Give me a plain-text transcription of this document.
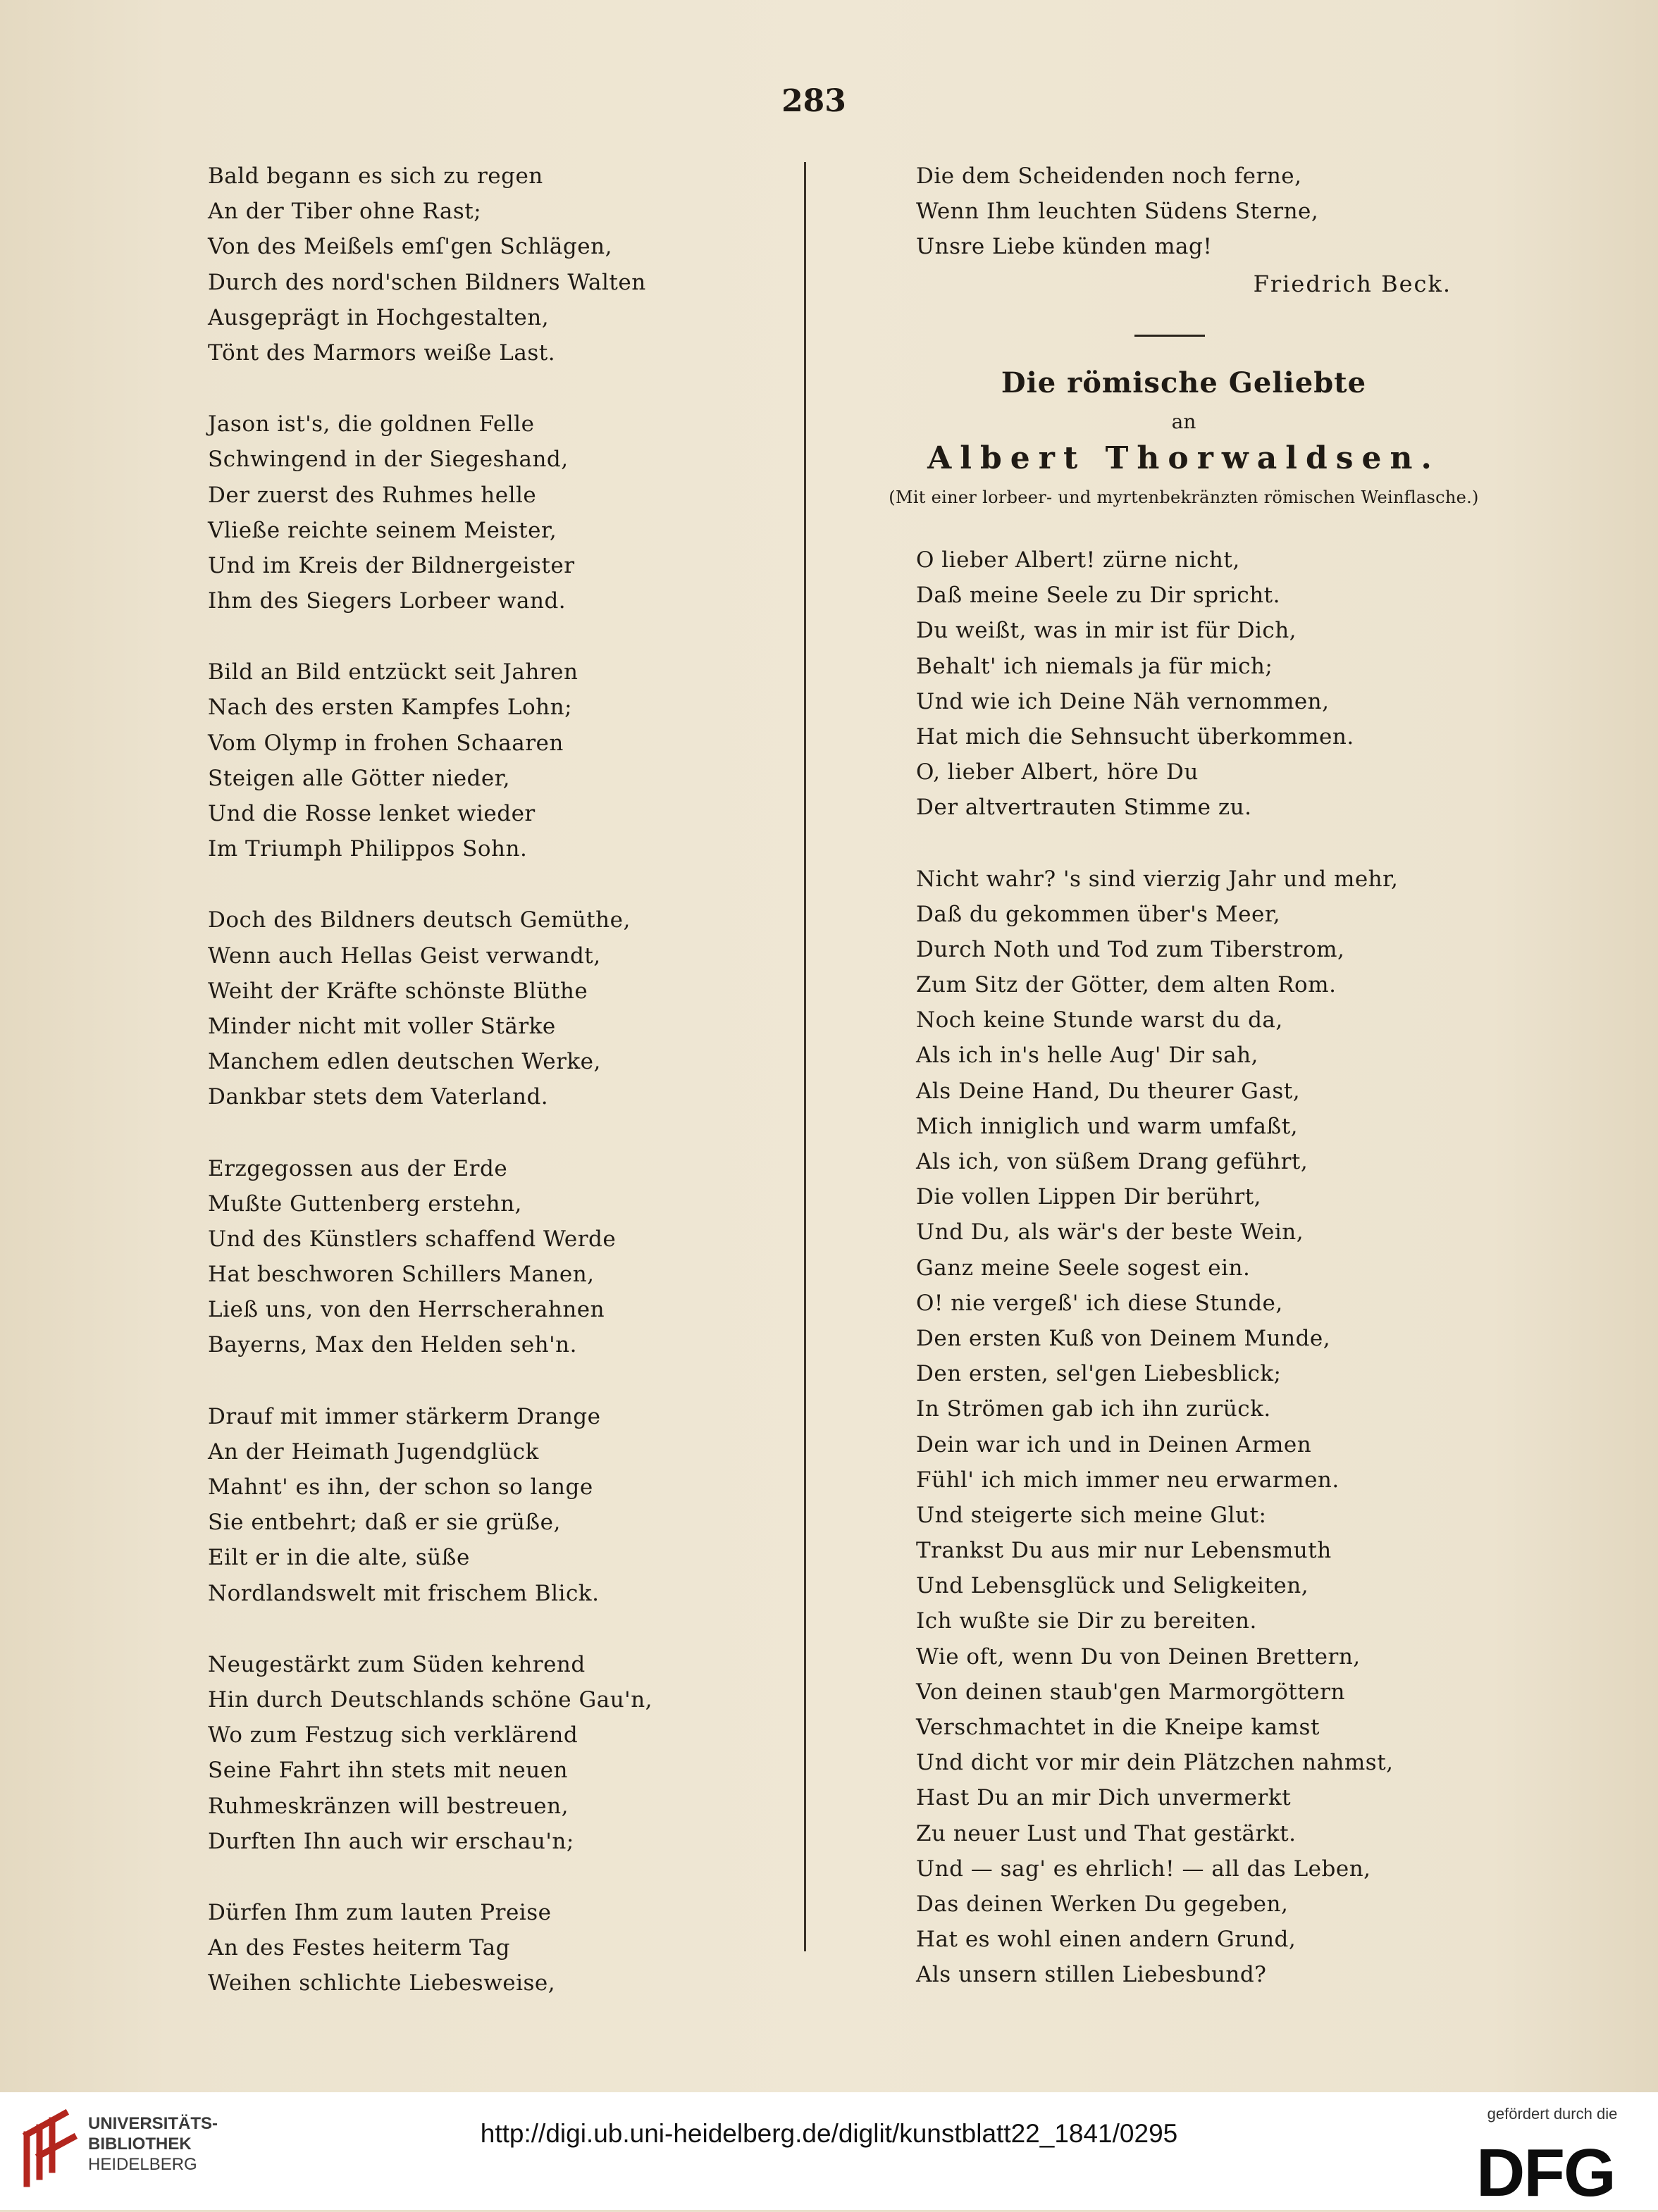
283
Bald begann es sich zu regen
An der Tiber ohne Rast;
Von des Meißels emſ'gen Schlägen,
Durch des nord'schen Bildners Walten
Ausgeprägt in Hochgestalten,
Tönt des Marmors weiße Last.
Jason ist's, die goldnen Felle
Schwingend in der Siegeshand,
Der zuerst des Ruhmes helle
Vließe reichte seinem Meister,
Und im Kreis der Bildnergeister
Ihm des Siegers Lorbeer wand.
Bild an Bild entzückt seit Jahren
Nach des ersten Kampfes Lohn;
Vom Olymp in frohen Schaaren
Steigen alle Götter nieder,
Und die Rosse lenket wieder
Im Triumph Philippos Sohn.
Doch des Bildners deutsch Gemüthe,
Wenn auch Hellas Geist verwandt,
Weiht der Kräfte schönste Blüthe
Minder nicht mit voller Stärke
Manchem edlen deutschen Werke,
Dankbar stets dem Vaterland.
Erzgegossen aus der Erde
Mußte Guttenberg erstehn,
Und des Künstlers schaffend Werde
Hat beschworen Schillers Manen,
Ließ uns, von den Herrscherahnen
Bayerns, Max den Helden seh'n.
Drauf mit immer stärkerm Drange
An der Heimath Jugendglück
Mahnt' es ihn, der schon so lange
Sie entbehrt; daß er sie grüße,
Eilt er in die alte, süße
Nordlandswelt mit frischem Blick.
Neugestärkt zum Süden kehrend
Hin durch Deutschlands schöne Gau'n,
Wo zum Festzug sich verklärend
Seine Fahrt ihn stets mit neuen
Ruhmeskränzen will bestreuen,
Durften Ihn auch wir erschau'n;
Dürfen Ihm zum lauten Preise
An des Festes heiterm Tag
Weihen schlichte Liebesweise,
Die dem Scheidenden noch ferne,
Wenn Ihm leuchten Südens Sterne,
Unsre Liebe künden mag!
Friedrich Beck.
Die römische Geliebte
an
Albert Thorwaldsen.
(Mit einer lorbeer- und myrtenbekränzten römischen Weinflasche.)
O lieber Albert! zürne nicht,
Daß meine Seele zu Dir spricht.
Du weißt, was in mir ist für Dich,
Behalt' ich niemals ja für mich;
Und wie ich Deine Näh vernommen,
Hat mich die Sehnsucht überkommen.
O, lieber Albert, höre Du
Der altvertrauten Stimme zu.
Nicht wahr? 's sind vierzig Jahr und mehr,
Daß du gekommen über's Meer,
Durch Noth und Tod zum Tiberstrom,
Zum Sitz der Götter, dem alten Rom.
Noch keine Stunde warst du da,
Als ich in's helle Aug' Dir sah,
Als Deine Hand, Du theurer Gast,
Mich inniglich und warm umfaßt,
Als ich, von süßem Drang geführt,
Die vollen Lippen Dir berührt,
Und Du, als wär's der beste Wein,
Ganz meine Seele sogest ein.
O! nie vergeß' ich diese Stunde,
Den ersten Kuß von Deinem Munde,
Den ersten, sel'gen Liebesblick;
In Strömen gab ich ihn zurück.
Dein war ich und in Deinen Armen
Fühl' ich mich immer neu erwarmen.
Und steigerte sich meine Glut:
Trankst Du aus mir nur Lebensmuth
Und Lebensglück und Seligkeiten,
Ich wußte sie Dir zu bereiten.
Wie oft, wenn Du von Deinen Brettern,
Von deinen staub'gen Marmorgöttern
Verschmachtet in die Kneipe kamst
Und dicht vor mir dein Plätzchen nahmst,
Hast Du an mir Dich unvermerkt
Zu neuer Lust und That gestärkt.
Und — sag' es ehrlich! — all das Leben,
Das deinen Werken Du gegeben,
Hat es wohl einen andern Grund,
Als unsern stillen Liebesbund?
UNIVERSITÄTS-
BIBLIOTHEK
HEIDELBERG
http://digi.ub.uni-heidelberg.de/diglit/kunstblatt22_1841/0295
gefördert durch die
DFG
